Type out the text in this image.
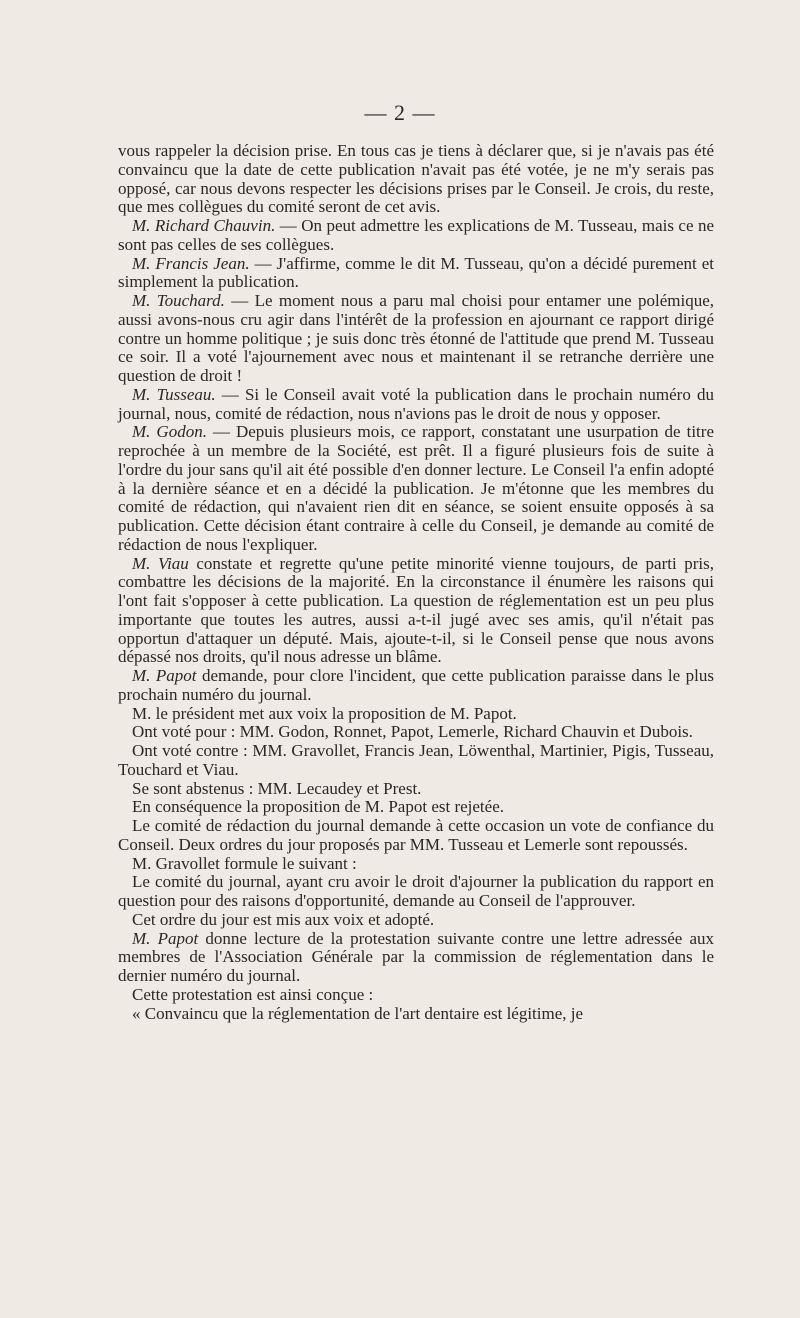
— 2 —

vous rappeler la décision prise. En tous cas je tiens à déclarer que, si je n'avais pas été convaincu que la date de cette publication n'avait pas été votée, je ne m'y serais pas opposé, car nous devons respecter les décisions prises par le Conseil. Je crois, du reste, que mes collègues du comité seront de cet avis.

M. Richard Chauvin. — On peut admettre les explications de M. Tusseau, mais ce ne sont pas celles de ses collègues.

M. Francis Jean. — J'affirme, comme le dit M. Tusseau, qu'on a décidé purement et simplement la publication.

M. Touchard. — Le moment nous a paru mal choisi pour entamer une polémique, aussi avons-nous cru agir dans l'intérêt de la profession en ajournant ce rapport dirigé contre un homme politique ; je suis donc très étonné de l'attitude que prend M. Tusseau ce soir. Il a voté l'ajournement avec nous et maintenant il se retranche derrière une question de droit !

M. Tusseau. — Si le Conseil avait voté la publication dans le prochain numéro du journal, nous, comité de rédaction, nous n'avions pas le droit de nous y opposer.

M. Godon. — Depuis plusieurs mois, ce rapport, constatant une usurpation de titre reprochée à un membre de la Société, est prêt. Il a figuré plusieurs fois de suite à l'ordre du jour sans qu'il ait été possible d'en donner lecture. Le Conseil l'a enfin adopté à la dernière séance et en a décidé la publication. Je m'étonne que les membres du comité de rédaction, qui n'avaient rien dit en séance, se soient ensuite opposés à sa publication. Cette décision étant contraire à celle du Conseil, je demande au comité de rédaction de nous l'expliquer.

M. Viau constate et regrette qu'une petite minorité vienne toujours, de parti pris, combattre les décisions de la majorité. En la circonstance il énumère les raisons qui l'ont fait s'opposer à cette publication. La question de réglementation est un peu plus importante que toutes les autres, aussi a-t-il jugé avec ses amis, qu'il n'était pas opportun d'attaquer un député. Mais, ajoute-t-il, si le Conseil pense que nous avons dépassé nos droits, qu'il nous adresse un blâme.

M. Papot demande, pour clore l'incident, que cette publication paraisse dans le plus prochain numéro du journal.

M. le président met aux voix la proposition de M. Papot.

Ont voté pour : MM. Godon, Ronnet, Papot, Lemerle, Richard Chauvin et Dubois.

Ont voté contre : MM. Gravollet, Francis Jean, Löwenthal, Martinier, Pigis, Tusseau, Touchard et Viau.

Se sont abstenus : MM. Lecaudey et Prest.

En conséquence la proposition de M. Papot est rejetée.

Le comité de rédaction du journal demande à cette occasion un vote de confiance du Conseil. Deux ordres du jour proposés par MM. Tusseau et Lemerle sont repoussés.

M. Gravollet formule le suivant :

Le comité du journal, ayant cru avoir le droit d'ajourner la publication du rapport en question pour des raisons d'opportunité, demande au Conseil de l'approuver.

Cet ordre du jour est mis aux voix et adopté.

M. Papot donne lecture de la protestation suivante contre une lettre adressée aux membres de l'Association Générale par la commission de réglementation dans le dernier numéro du journal.

Cette protestation est ainsi conçue :

« Convaincu que la réglementation de l'art dentaire est légitime, je
